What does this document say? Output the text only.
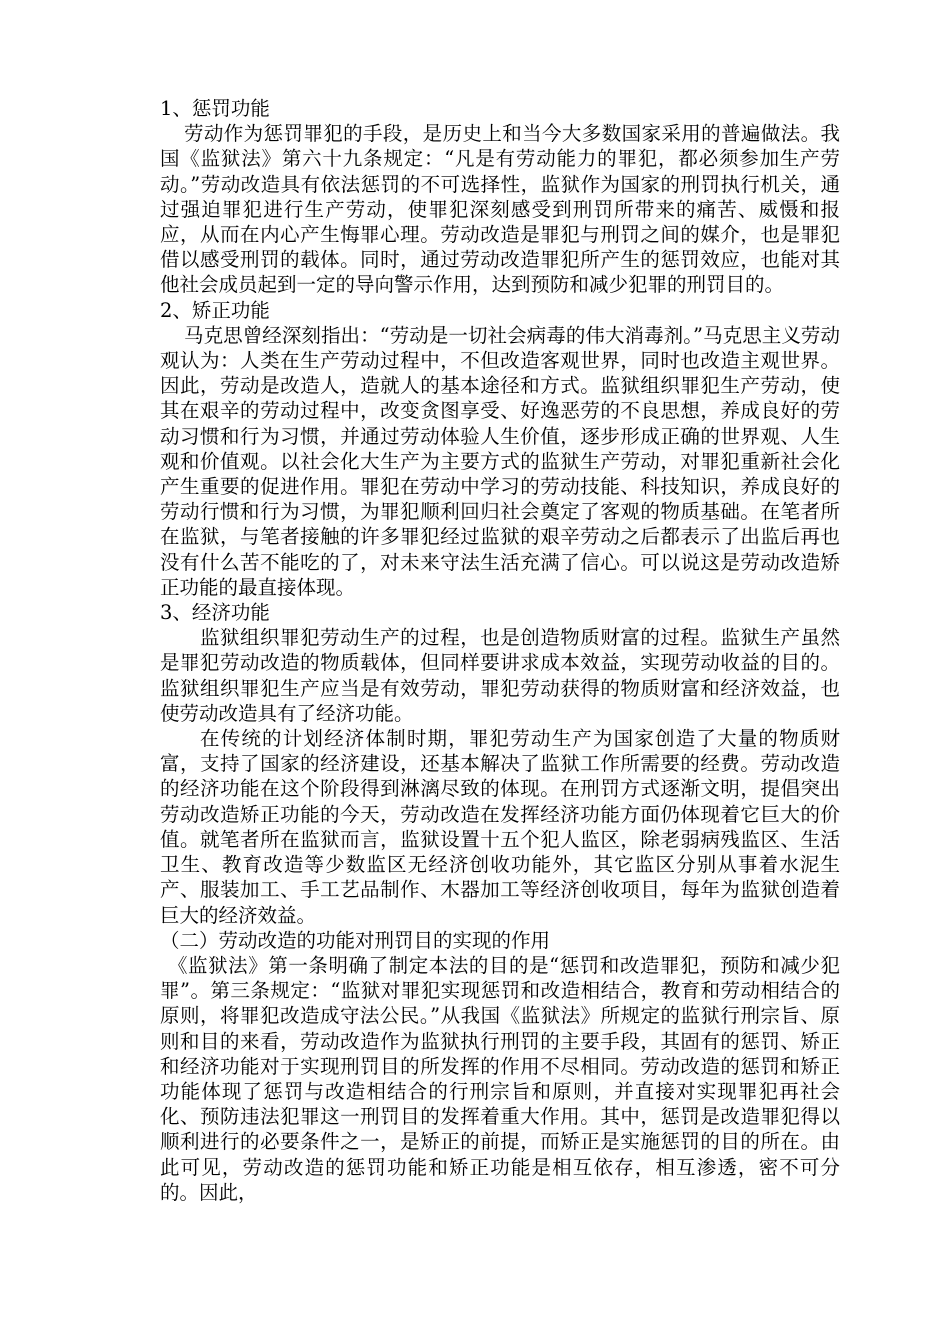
1、惩罚功能

劳动作为惩罚罪犯的手段，是历史上和当今大多数国家采用的普遍做法。我国《监狱法》第六十九条规定：“凡是有劳动能力的罪犯，都必须参加生产劳动。”劳动改造具有依法惩罚的不可选择性，监狱作为国家的刑罚执行机关，通过强迫罪犯进行生产劳动，使罪犯深刻感受到刑罚所带来的痛苦、威慑和报应，从而在内心产生悔罪心理。劳动改造是罪犯与刑罚之间的媒介，也是罪犯借以感受刑罚的载体。同时，通过劳动改造罪犯所产生的惩罚效应，也能对其他社会成员起到一定的导向警示作用，达到预防和减少犯罪的刑罚目的。

2、矫正功能

马克思曾经深刻指出：“劳动是一切社会病毒的伟大消毒剂。”马克思主义劳动观认为：人类在生产劳动过程中，不但改造客观世界，同时也改造主观世界。因此，劳动是改造人，造就人的基本途径和方式。监狱组织罪犯生产劳动，使其在艰辛的劳动过程中，改变贪图享受、好逸恶劳的不良思想，养成良好的劳动习惯和行为习惯，并通过劳动体验人生价值，逐步形成正确的世界观、人生观和价值观。以社会化大生产为主要方式的监狱生产劳动，对罪犯重新社会化产生重要的促进作用。罪犯在劳动中学习的劳动技能、科技知识，养成良好的劳动行惯和行为习惯，为罪犯顺利回归社会奠定了客观的物质基础。在笔者所在监狱，与笔者接触的许多罪犯经过监狱的艰辛劳动之后都表示了出监后再也没有什么苦不能吃的了，对未来守法生活充满了信心。可以说这是劳动改造矫正功能的最直接体现。

3、经济功能

监狱组织罪犯劳动生产的过程，也是创造物质财富的过程。监狱生产虽然是罪犯劳动改造的物质载体，但同样要讲求成本效益，实现劳动收益的目的。监狱组织罪犯生产应当是有效劳动，罪犯劳动获得的物质财富和经济效益，也使劳动改造具有了经济功能。

在传统的计划经济体制时期，罪犯劳动生产为国家创造了大量的物质财富，支持了国家的经济建设，还基本解决了监狱工作所需要的经费。劳动改造的经济功能在这个阶段得到淋漓尽致的体现。在刑罚方式逐渐文明，提倡突出劳动改造矫正功能的今天，劳动改造在发挥经济功能方面仍体现着它巨大的价值。就笔者所在监狱而言，监狱设置十五个犯人监区，除老弱病残监区、生活卫生、教育改造等少数监区无经济创收功能外，其它监区分别从事着水泥生产、服装加工、手工艺品制作、木器加工等经济创收项目，每年为监狱创造着巨大的经济效益。

（二）劳动改造的功能对刑罚目的实现的作用

《监狱法》第一条明确了制定本法的目的是“惩罚和改造罪犯，预防和减少犯罪”。第三条规定：“监狱对罪犯实现惩罚和改造相结合，教育和劳动相结合的原则，将罪犯改造成守法公民。”从我国《监狱法》所规定的监狱行刑宗旨、原则和目的来看，劳动改造作为监狱执行刑罚的主要手段，其固有的惩罚、矫正和经济功能对于实现刑罚目的所发挥的作用不尽相同。劳动改造的惩罚和矫正功能体现了惩罚与改造相结合的行刑宗旨和原则，并直接对实现罪犯再社会化、预防违法犯罪这一刑罚目的发挥着重大作用。其中，惩罚是改造罪犯得以顺利进行的必要条件之一，是矫正的前提，而矫正是实施惩罚的目的所在。由此可见，劳动改造的惩罚功能和矫正功能是相互依存，相互渗透，密不可分的。因此，
